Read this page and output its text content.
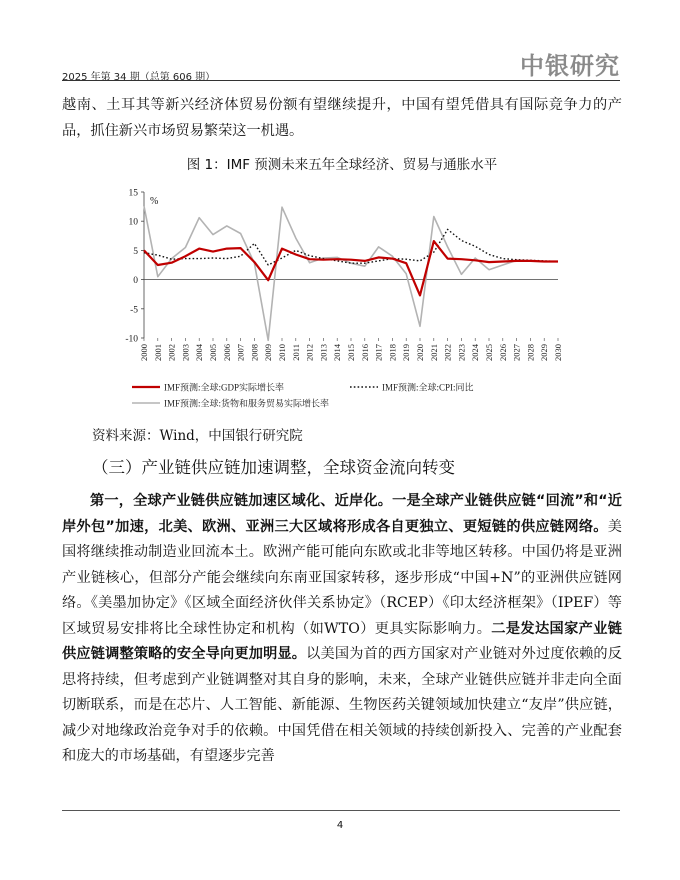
2025 年第 34 期（总第 606 期）	中银研究

越南、土耳其等新兴经济体贸易份额有望继续提升，中国有望凭借具有国际竞争力的产品，抓住新兴市场贸易繁荣这一机遇。

图 1：IMF 预测未来五年全球经济、贸易与通胀水平
-10
-5
0
5
10
15
%
2000 2001 2002 2003 2004 2005 2006 2007 2008 2009 2010 2011 2012 2013 2014 2015 2016 2017 2018 2019 2020 2021 2022 2023 2024 2025 2026 2027 2028 2029 2030
IMF预测:全球:GDP实际增长率	IMF预测:全球:CPI:同比
IMF预测:全球:货物和服务贸易实际增长率
资料来源：Wind，中国银行研究院
（三）产业链供应链加速调整，全球资金流向转变

第一，全球产业链供应链加速区域化、近岸化。一是全球产业链供应链“回流”和“近岸外包”加速，北美、欧洲、亚洲三大区域将形成各自更独立、更短链的供应链网络。美国将继续推动制造业回流本土。欧洲产能可能向东欧或北非等地区转移。中国仍将是亚洲产业链核心，但部分产能会继续向东南亚国家转移，逐步形成“中国+N”的亚洲供应链网络。《美墨加协定》《区域全面经济伙伴关系协定》（RCEP）《印太经济框架》（IPEF）等区域贸易安排将比全球性协定和机构（如WTO）更具实际影响力。二是发达国家产业链供应链调整策略的安全导向更加明显。以美国为首的西方国家对产业链对外过度依赖的反思将持续，但考虑到产业链调整对其自身的影响，未来，全球产业链供应链并非走向全面切断联系，而是在芯片、人工智能、新能源、生物医药关键领域加快建立“友岸”供应链，减少对地缘政治竞争对手的依赖。中国凭借在相关领域的持续创新投入、完善的产业配套和庞大的市场基础，有望逐步完善

4
